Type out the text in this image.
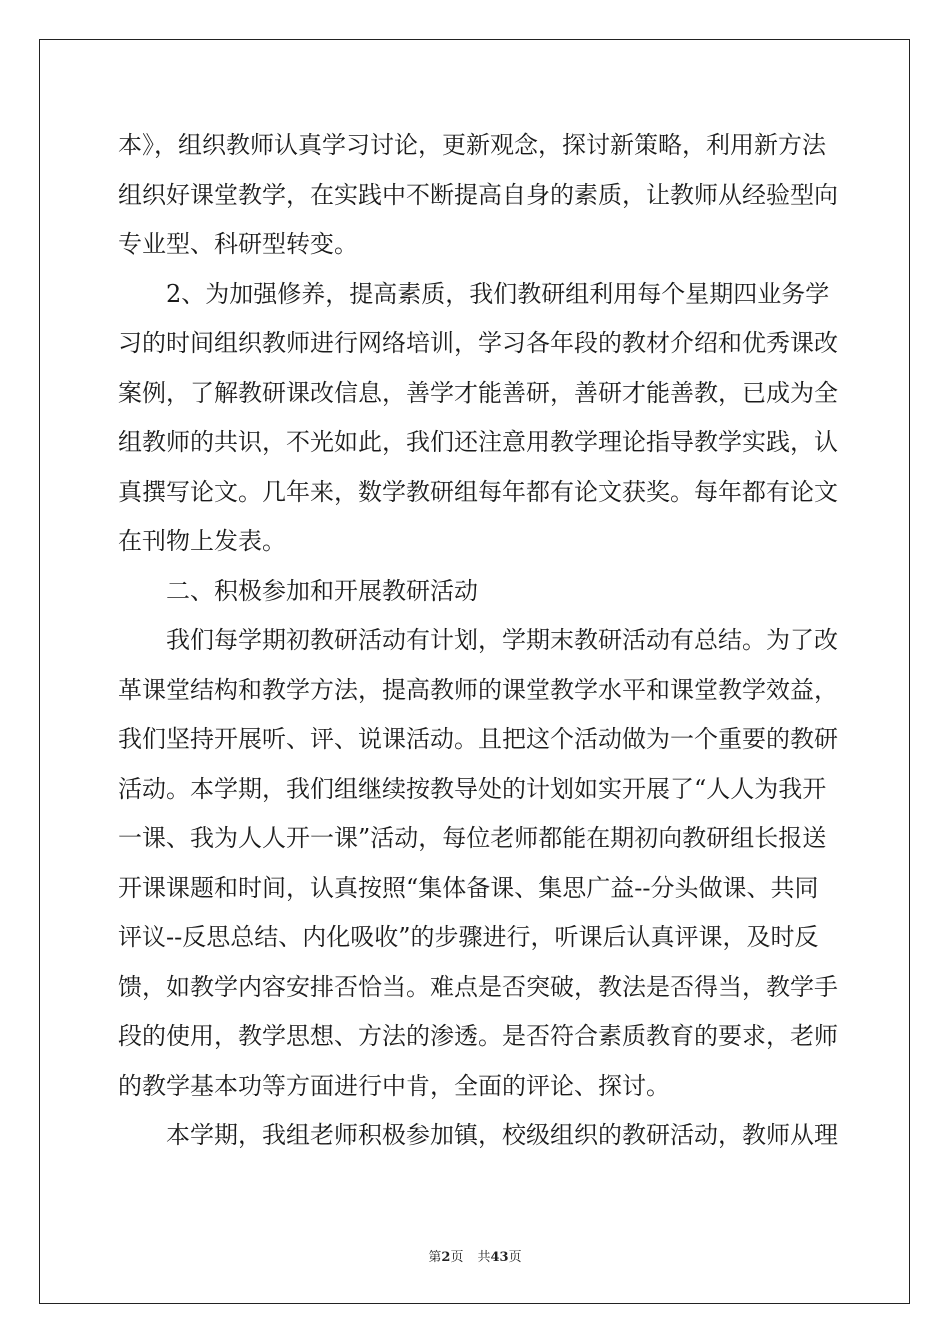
本》，组织教师认真学习讨论，更新观念，探讨新策略，利用新方法
组织好课堂教学，在实践中不断提高自身的素质，让教师从经验型向
专业型、科研型转变。
2、为加强修养，提高素质，我们教研组利用每个星期四业务学
习的时间组织教师进行网络培训，学习各年段的教材介绍和优秀课改
案例，了解教研课改信息，善学才能善研，善研才能善教，已成为全
组教师的共识，不光如此，我们还注意用教学理论指导教学实践，认
真撰写论文。几年来，数学教研组每年都有论文获奖。每年都有论文
在刊物上发表。
二、积极参加和开展教研活动
我们每学期初教研活动有计划，学期末教研活动有总结。为了改
革课堂结构和教学方法，提高教师的课堂教学水平和课堂教学效益，
我们坚持开展听、评、说课活动。且把这个活动做为一个重要的教研
活动。本学期，我们组继续按教导处的计划如实开展了“人人为我开
一课、我为人人开一课”活动，每位老师都能在期初向教研组长报送
开课课题和时间，认真按照“集体备课、集思广益--分头做课、共同
评议--反思总结、内化吸收”的步骤进行，听课后认真评课，及时反
馈，如教学内容安排否恰当。难点是否突破，教法是否得当，教学手
段的使用，教学思想、方法的渗透。是否符合素质教育的要求，老师
的教学基本功等方面进行中肯，全面的评论、探讨。
本学期，我组老师积极参加镇，校级组织的教研活动，教师从理
第2页 共43页
